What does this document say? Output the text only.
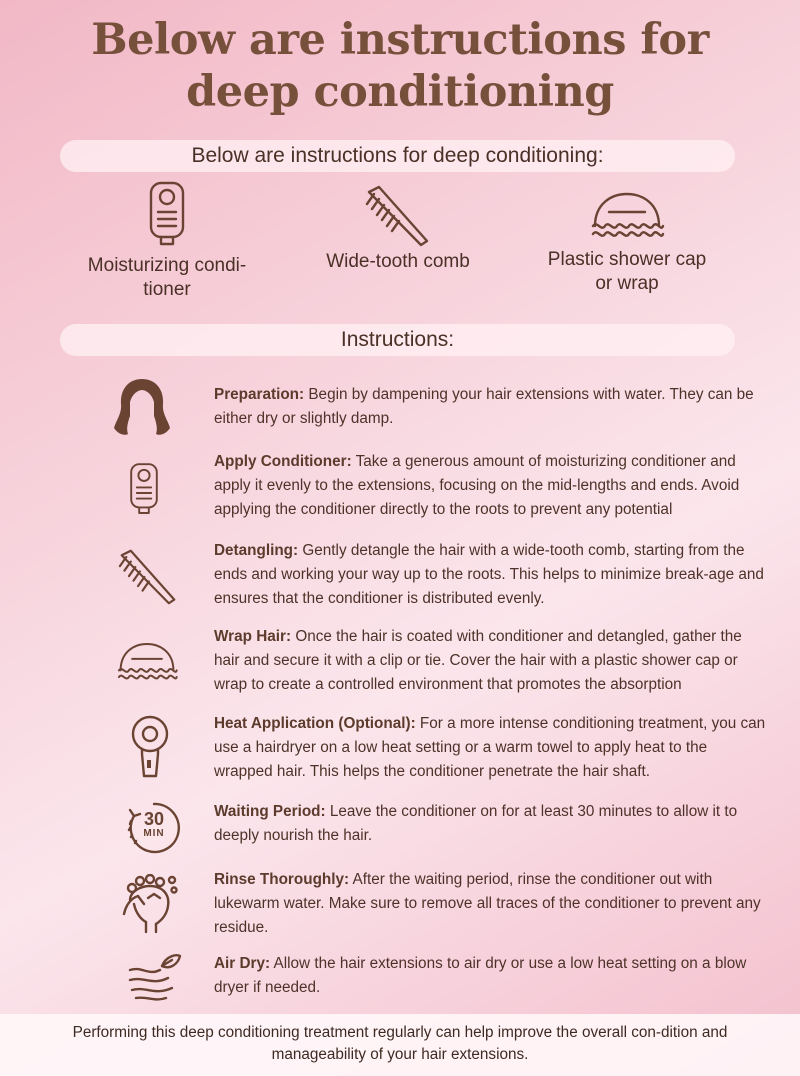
Below are instructions for
deep conditioning
Below are instructions for deep conditioning:
Moisturizing condi-
tioner
Wide-tooth comb	Plastic shower cap
or wrap
Instructions:
30
MIN
Preparation: Begin by dampening your hair extensions with water. They can be either dry or slightly damp.
Apply Conditioner: Take a generous amount of moisturizing conditioner and apply it evenly to the extensions, focusing on the mid-lengths and ends. Avoid applying the conditioner directly to the roots to prevent any potential
Detangling: Gently detangle the hair with a wide-tooth comb, starting from the ends and working your way up to the roots. This helps to minimize break-age and ensures that the conditioner is distributed evenly.
Wrap Hair: Once the hair is coated with conditioner and detangled, gather the hair and secure it with a clip or tie. Cover the hair with a plastic shower cap or wrap to create a controlled environment that promotes the absorption
Heat Application (Optional): For a more intense conditioning treatment, you can use a hairdryer on a low heat setting or a warm towel to apply heat to the wrapped hair. This helps the conditioner penetrate the hair shaft.
Waiting Period: Leave the conditioner on for at least 30 minutes to allow it to deeply nourish the hair.
Rinse Thoroughly: After the waiting period, rinse the conditioner out with lukewarm water. Make sure to remove all traces of the conditioner to prevent any residue.
Air Dry: Allow the hair extensions to air dry or use a low heat setting on a blow dryer if needed.
Performing this deep conditioning treatment regularly can help improve the overall con-dition and manageability of your hair extensions.
